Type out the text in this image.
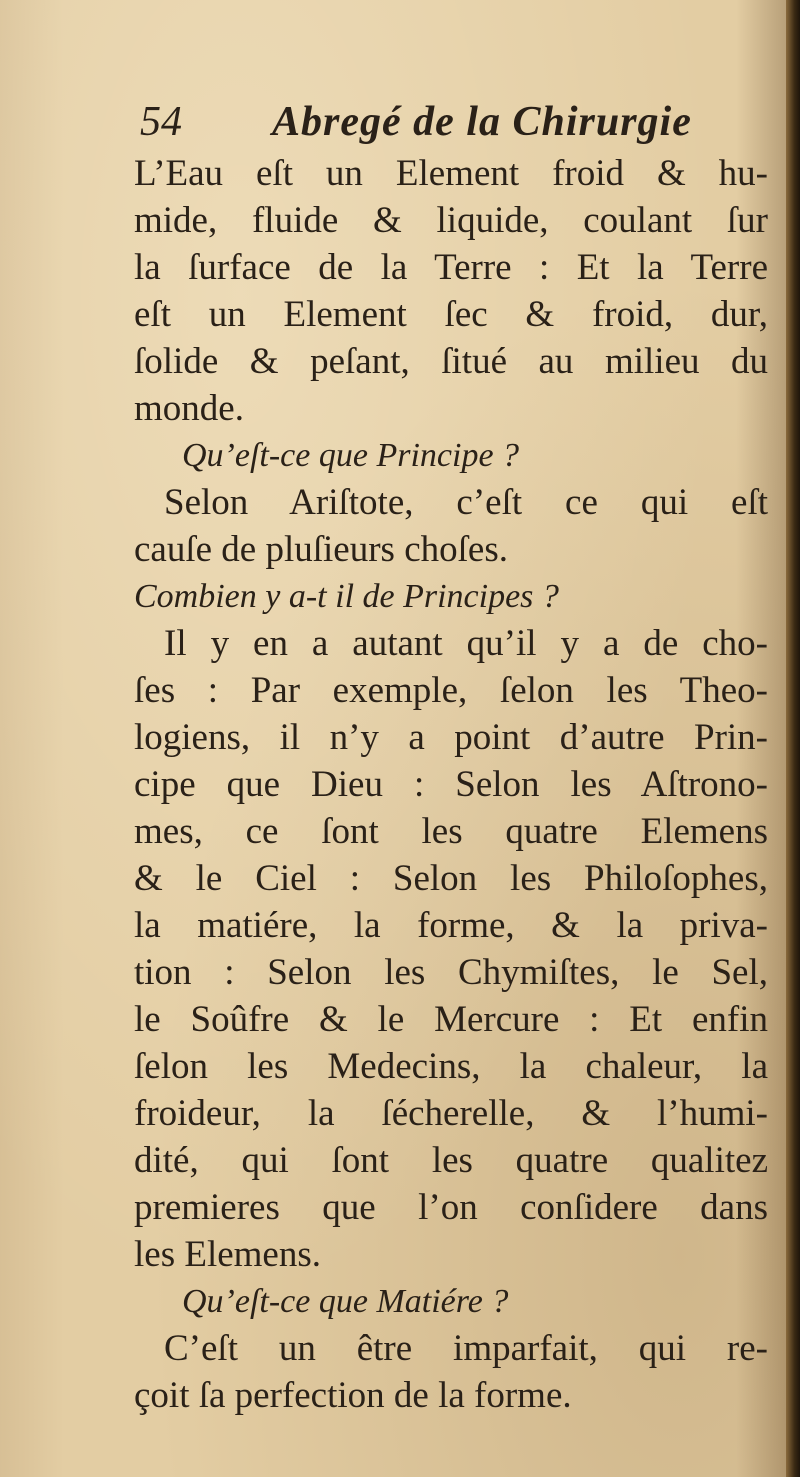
54 Abregé de la Chirurgie
L’Eau eſt un Element froid & hu-
mide, fluide & liquide, coulant ſur
la ſurface de la Terre : Et la Terre
eſt un Element ſec & froid, dur,
ſolide & peſant, ſitué au milieu du
monde.
Qu’eſt-ce que Principe ?
Selon Ariſtote, c’eſt ce qui eſt
cauſe de pluſieurs choſes.
Combien y a-t il de Principes ?
Il y en a autant qu’il y a de cho-
ſes : Par exemple, ſelon les Theo-
logiens, il n’y a point d’autre Prin-
cipe que Dieu : Selon les Aſtrono-
mes, ce ſont les quatre Elemens
& le Ciel : Selon les Philoſophes,
la matiére, la forme, & la priva-
tion : Selon les Chymiſtes, le Sel,
le Soûfre & le Mercure : Et enfin
ſelon les Medecins, la chaleur, la
froideur, la ſécherelle, & l’humi-
dité, qui ſont les quatre qualitez
premieres que l’on conſidere dans
les Elemens.
Qu’eſt-ce que Matiére ?
C’eſt un être imparfait, qui re-
çoit ſa perfection de la forme.
